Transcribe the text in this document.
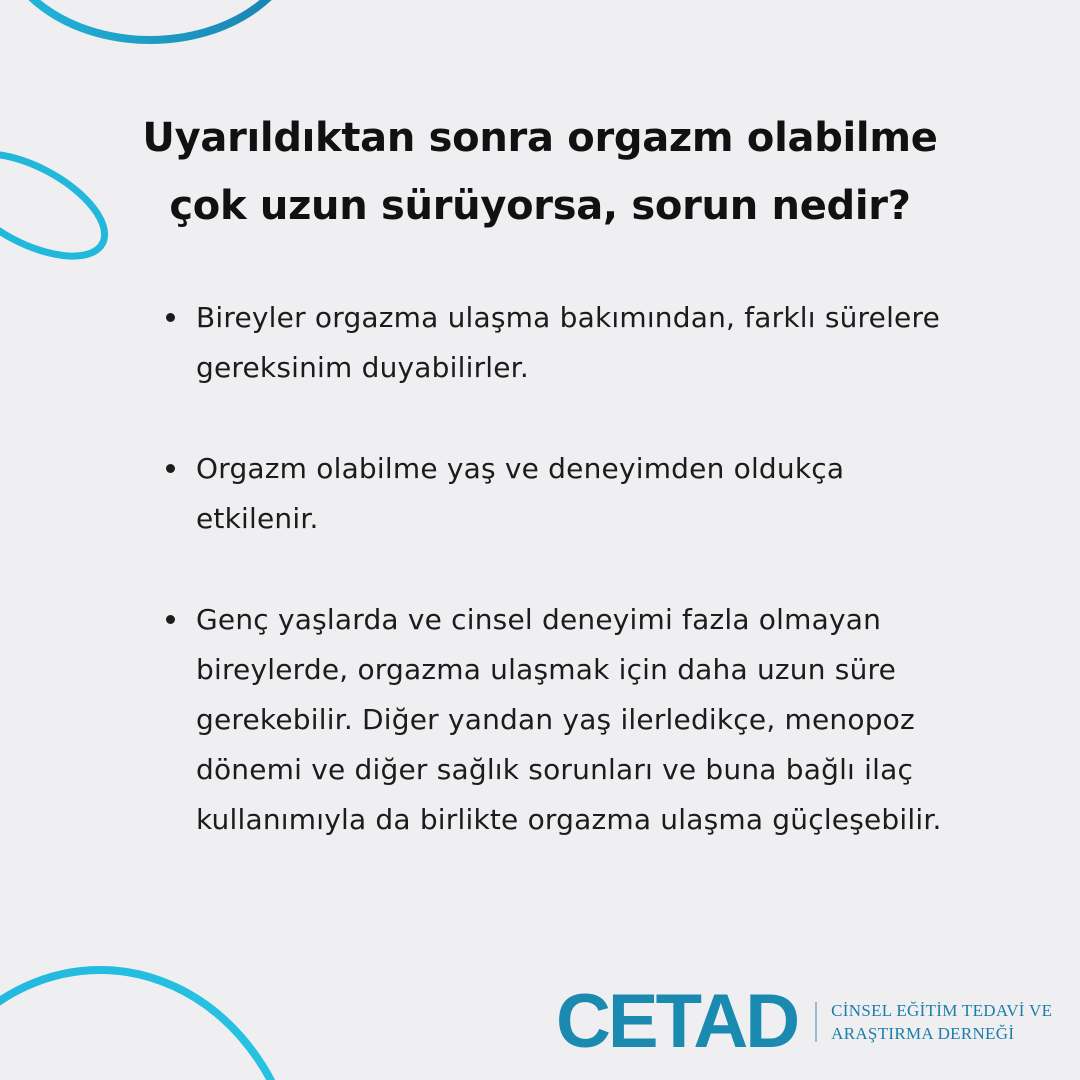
Uyarıldıktan sonra orgazm olabilme
çok uzun sürüyorsa, sorun nedir?
Bireyler orgazma ulaşma bakımından, farklı sürelere gereksinim duyabilirler.
Orgazm olabilme yaş ve deneyimden oldukça etkilenir.
Genç yaşlarda ve cinsel deneyimi fazla olmayan bireylerde, orgazma ulaşmak için daha uzun süre gerekebilir. Diğer yandan yaş ilerledikçe, menopoz dönemi ve diğer sağlık sorunları ve buna bağlı ilaç kullanımıyla da birlikte orgazma ulaşma güçleşebilir.
CETAD CİNSEL EĞİTİM TEDAVİ VE
ARAŞTIRMA DERNEĞİ
